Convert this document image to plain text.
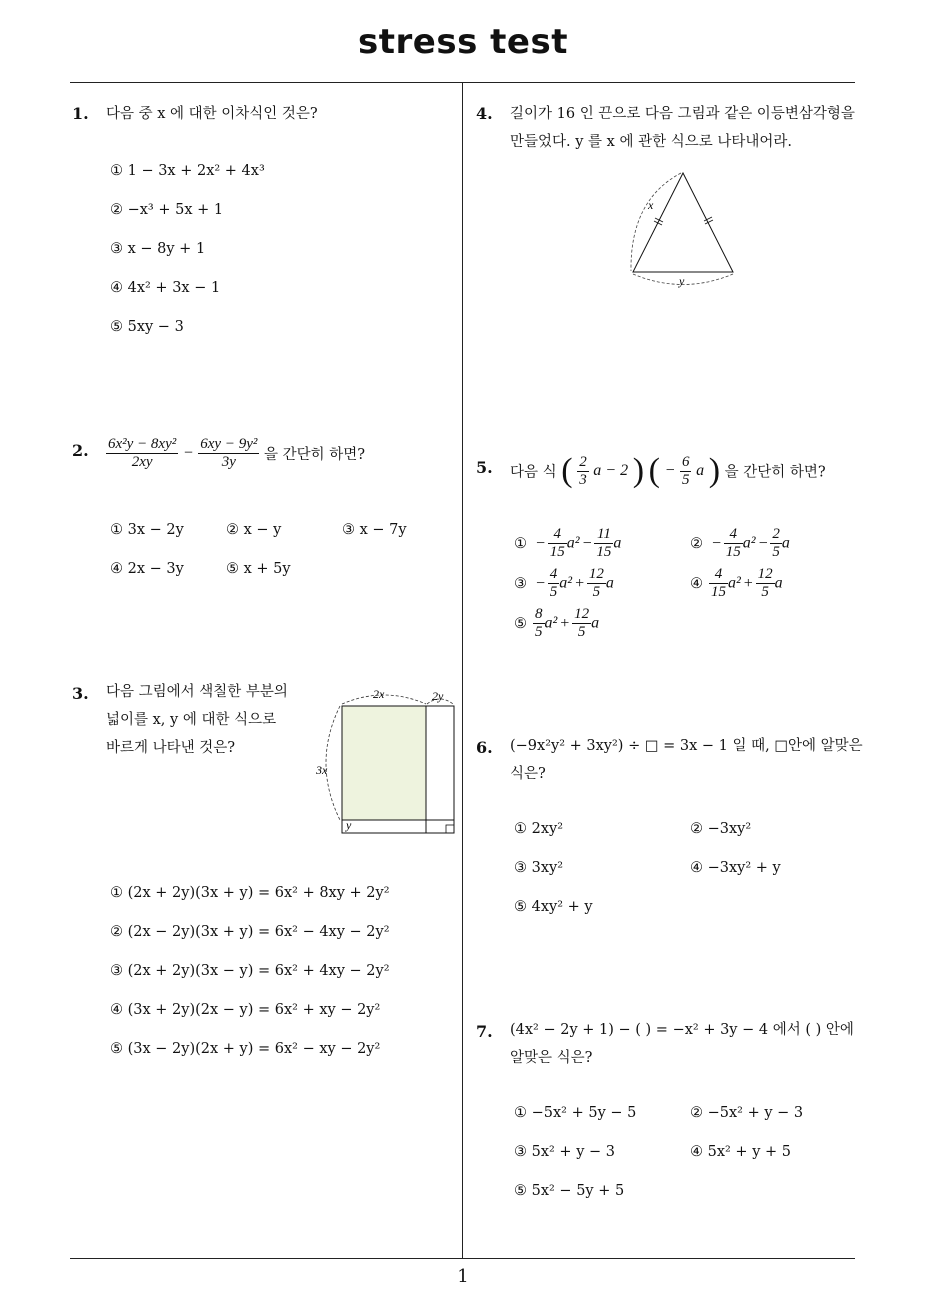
stress test
1
1. 다음 중 x 에 대한 이차식인 것은?
① 1 − 3x + 2x² + 4x³
② −x³ + 5x + 1
③ x − 8y + 1
④ 4x² + 3x − 1
⑤ 5xy − 3
2. $\frac{\text{6x²y − 8xy²}}{2xy} - \frac{\text{6xy − 9y²}}{3y}$ 을 간단히 하면?
① 3x − 2y	② x − y	③ x − 7y
④ 2x − 3y	⑤ x + 5y
3. 다음 그림에서 색칠한 부분의
넓이를 x, y 에 대한 식으로
바르게 나타낸 것은?
2x	2y
3x
y
① (2x + 2y)(3x + y) = 6x² + 8xy + 2y²
② (2x − 2y)(3x + y) = 6x² − 4xy − 2y²
③ (2x + 2y)(3x − y) = 6x² + 4xy − 2y²
④ (3x + 2y)(2x − y) = 6x² + xy − 2y²
⑤ (3x − 2y)(2x + y) = 6x² − xy − 2y²
4. 길이가 16 인 끈으로 다음 그림과 같은 이등변삼각형을
만들었다. y 를 x 에 관한 식으로 나타내어라.
x
y
5. 다음 식 ( $\frac{2}{3}$ a − 2 ) ( − $\frac{6}{5}$ a ) 을 간단히 하면?
① − $\frac{4}{15} a^2 - \frac{11}{15}$ a	② − $\frac{4}{15} a^2 - \frac{2}{5}$ a
③ − $\frac{4}{5} a^2 + \frac{12}{5}$ a	④ $\frac{4}{15} a^2 + \frac{12}{5}$ a
⑤ $\frac{8}{5} a^2 + \frac{12}{5}$ a
6. (−9x²y² + 3xy²) ÷ □ = 3x − 1 일 때, □안에 알맞은
식은?
① 2xy²	② −3xy²
③ 3xy²	④ −3xy² + y
⑤ 4xy² + y
7. (4x² − 2y + 1) − ( ) = −x² + 3y − 4 에서 ( ) 안에
알맞은 식은?
① −5x² + 5y − 5	② −5x² + y − 3
③ 5x² + y − 3	④ 5x² + y + 5
⑤ 5x² − 5y + 5
